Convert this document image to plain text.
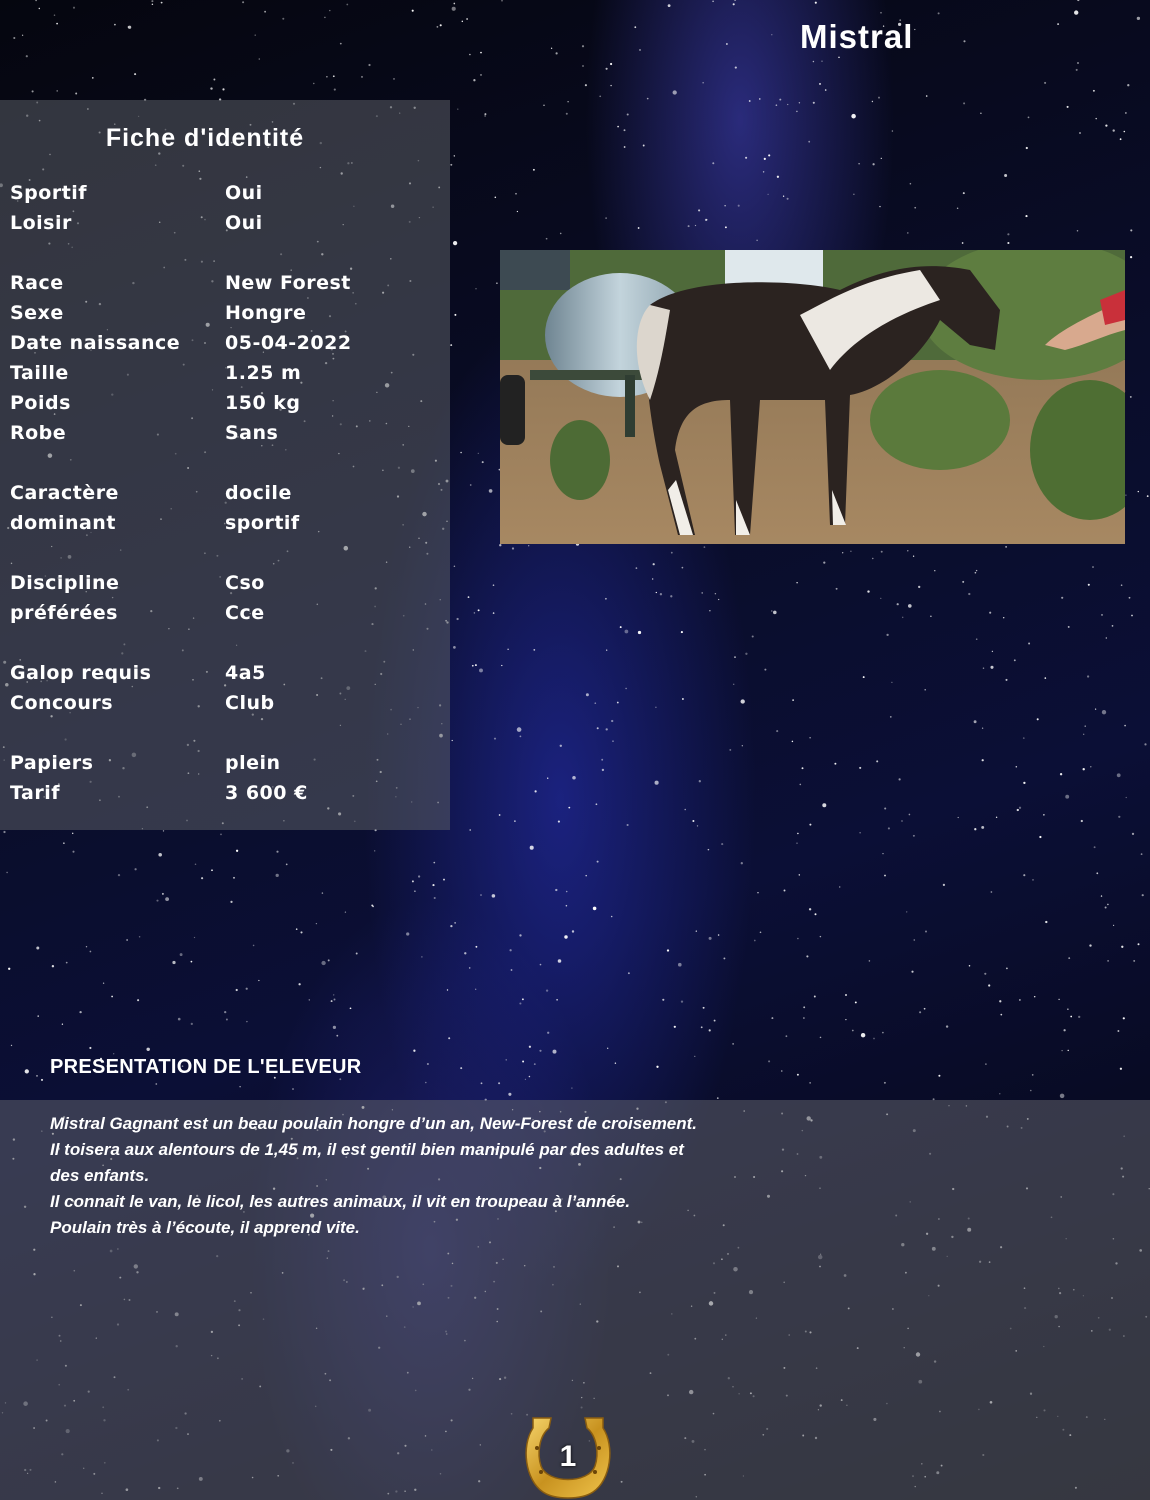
Mistral
Fiche d'identité
Sportif	Oui
Loisir	Oui
Race	New Forest
Sexe	Hongre
Date naissance 05-04-2022
Taille	1.25 m
Poids	150 kg
Robe	Sans
Caractère	docile
dominant	sportif
Discipline	Cso
préférées	Cce
Galop requis	4a5
Concours	Club
Papiers	plein
Tarif	3 600 €
PRESENTATION DE L'ELEVEUR

Mistral Gagnant est un beau poulain hongre d’un an, New-Forest de croisement.

Il toisera aux alentours de 1,45 m, il est gentil bien manipulé par des adultes et

des enfants.

Il connait le van, le licol, les autres animaux, il vit en troupeau à l’année.

Poulain très à l’écoute, il apprend vite.

1
